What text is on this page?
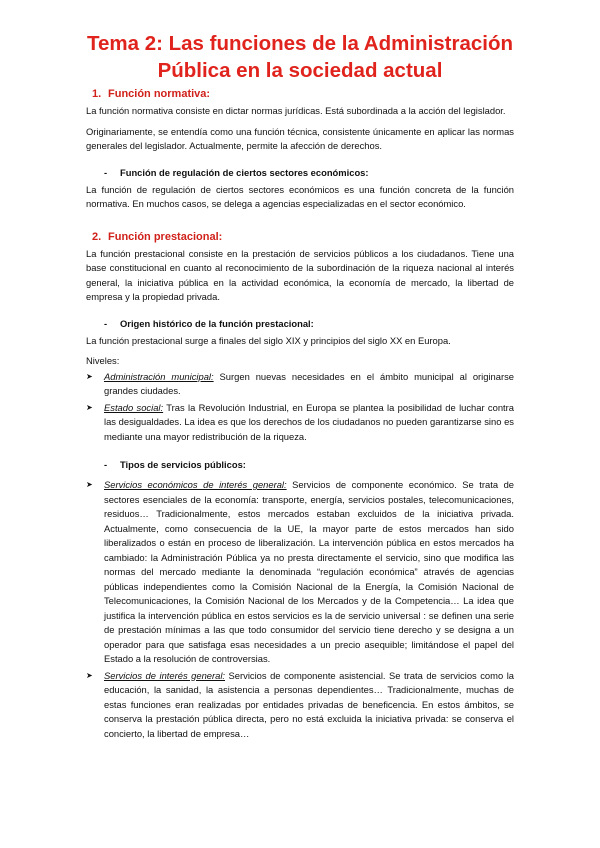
Tema 2: Las funciones de la Administración
Pública en la sociedad actual
1. Función normativa:

La función normativa consiste en dictar normas jurídicas. Está subordinada a la acción del legislador.

Originariamente, se entendía como una función técnica, consistente únicamente en aplicar las normas generales del legislador. Actualmente, permite la afección de derechos.

- Función de regulación de ciertos sectores económicos:

La función de regulación de ciertos sectores económicos es una función concreta de la función normativa. En muchos casos, se delega a agencias especializadas en el sector económico.

2. Función prestacional:

La función prestacional consiste en la prestación de servicios públicos a los ciudadanos. Tiene una base constitucional en cuanto al reconocimiento de la subordinación de la riqueza nacional al interés general, la iniciativa pública en la actividad económica, la economía de mercado, la libertad de empresa y la propiedad privada.

- Origen histórico de la función prestacional:

La función prestacional surge a finales del siglo XIX y principios del siglo XX en Europa.

Niveles:

➤ Administración municipal: Surgen nuevas necesidades en el ámbito municipal al originarse grandes ciudades.
➤ Estado social: Tras la Revolución Industrial, en Europa se plantea la posibilidad de luchar contra las desigualdades. La idea es que los derechos de los ciudadanos no pueden garantizarse sino es mediante una mayor redistribución de la riqueza.
- Tipos de servicios públicos:
➤ Servicios económicos de interés general: Servicios de componente económico. Se trata de sectores esenciales de la economía: transporte, energía, servicios postales, telecomunicaciones, residuos… Tradicionalmente, estos mercados estaban excluidos de la iniciativa privada. Actualmente, como consecuencia de la UE, la mayor parte de estos mercados han sido liberalizados o están en proceso de liberalización. La intervención pública en estos mercados ha cambiado: la Administración Pública ya no presta directamente el servicio, sino que modifica las normas del mercado mediante la denominada “regulación económica” através de agencias públicas independientes como la Comisión Nacional de la Energía, la Comisión Nacional de Telecomunicaciones, la Comisión Nacional de los Mercados y de la Competencia… La idea que justifica la intervención pública en estos servicios es la de servicio universal : se definen una serie de prestación mínimas a las que todo consumidor del servicio tiene derecho y se designa a un operador para que satisfaga esas necesidades a un precio asequible; limitándose el papel del Estado a la resolución de controversias.
➤ Servicios de interés general: Servicios de componente asistencial. Se trata de servicios como la educación, la sanidad, la asistencia a personas dependientes… Tradicionalmente, muchas de estas funciones eran realizadas por entidades privadas de beneficencia. En estos ámbitos, se conserva la prestación pública directa, pero no está excluida la iniciativa privada: se conserva el concierto, la libertad de empresa…
